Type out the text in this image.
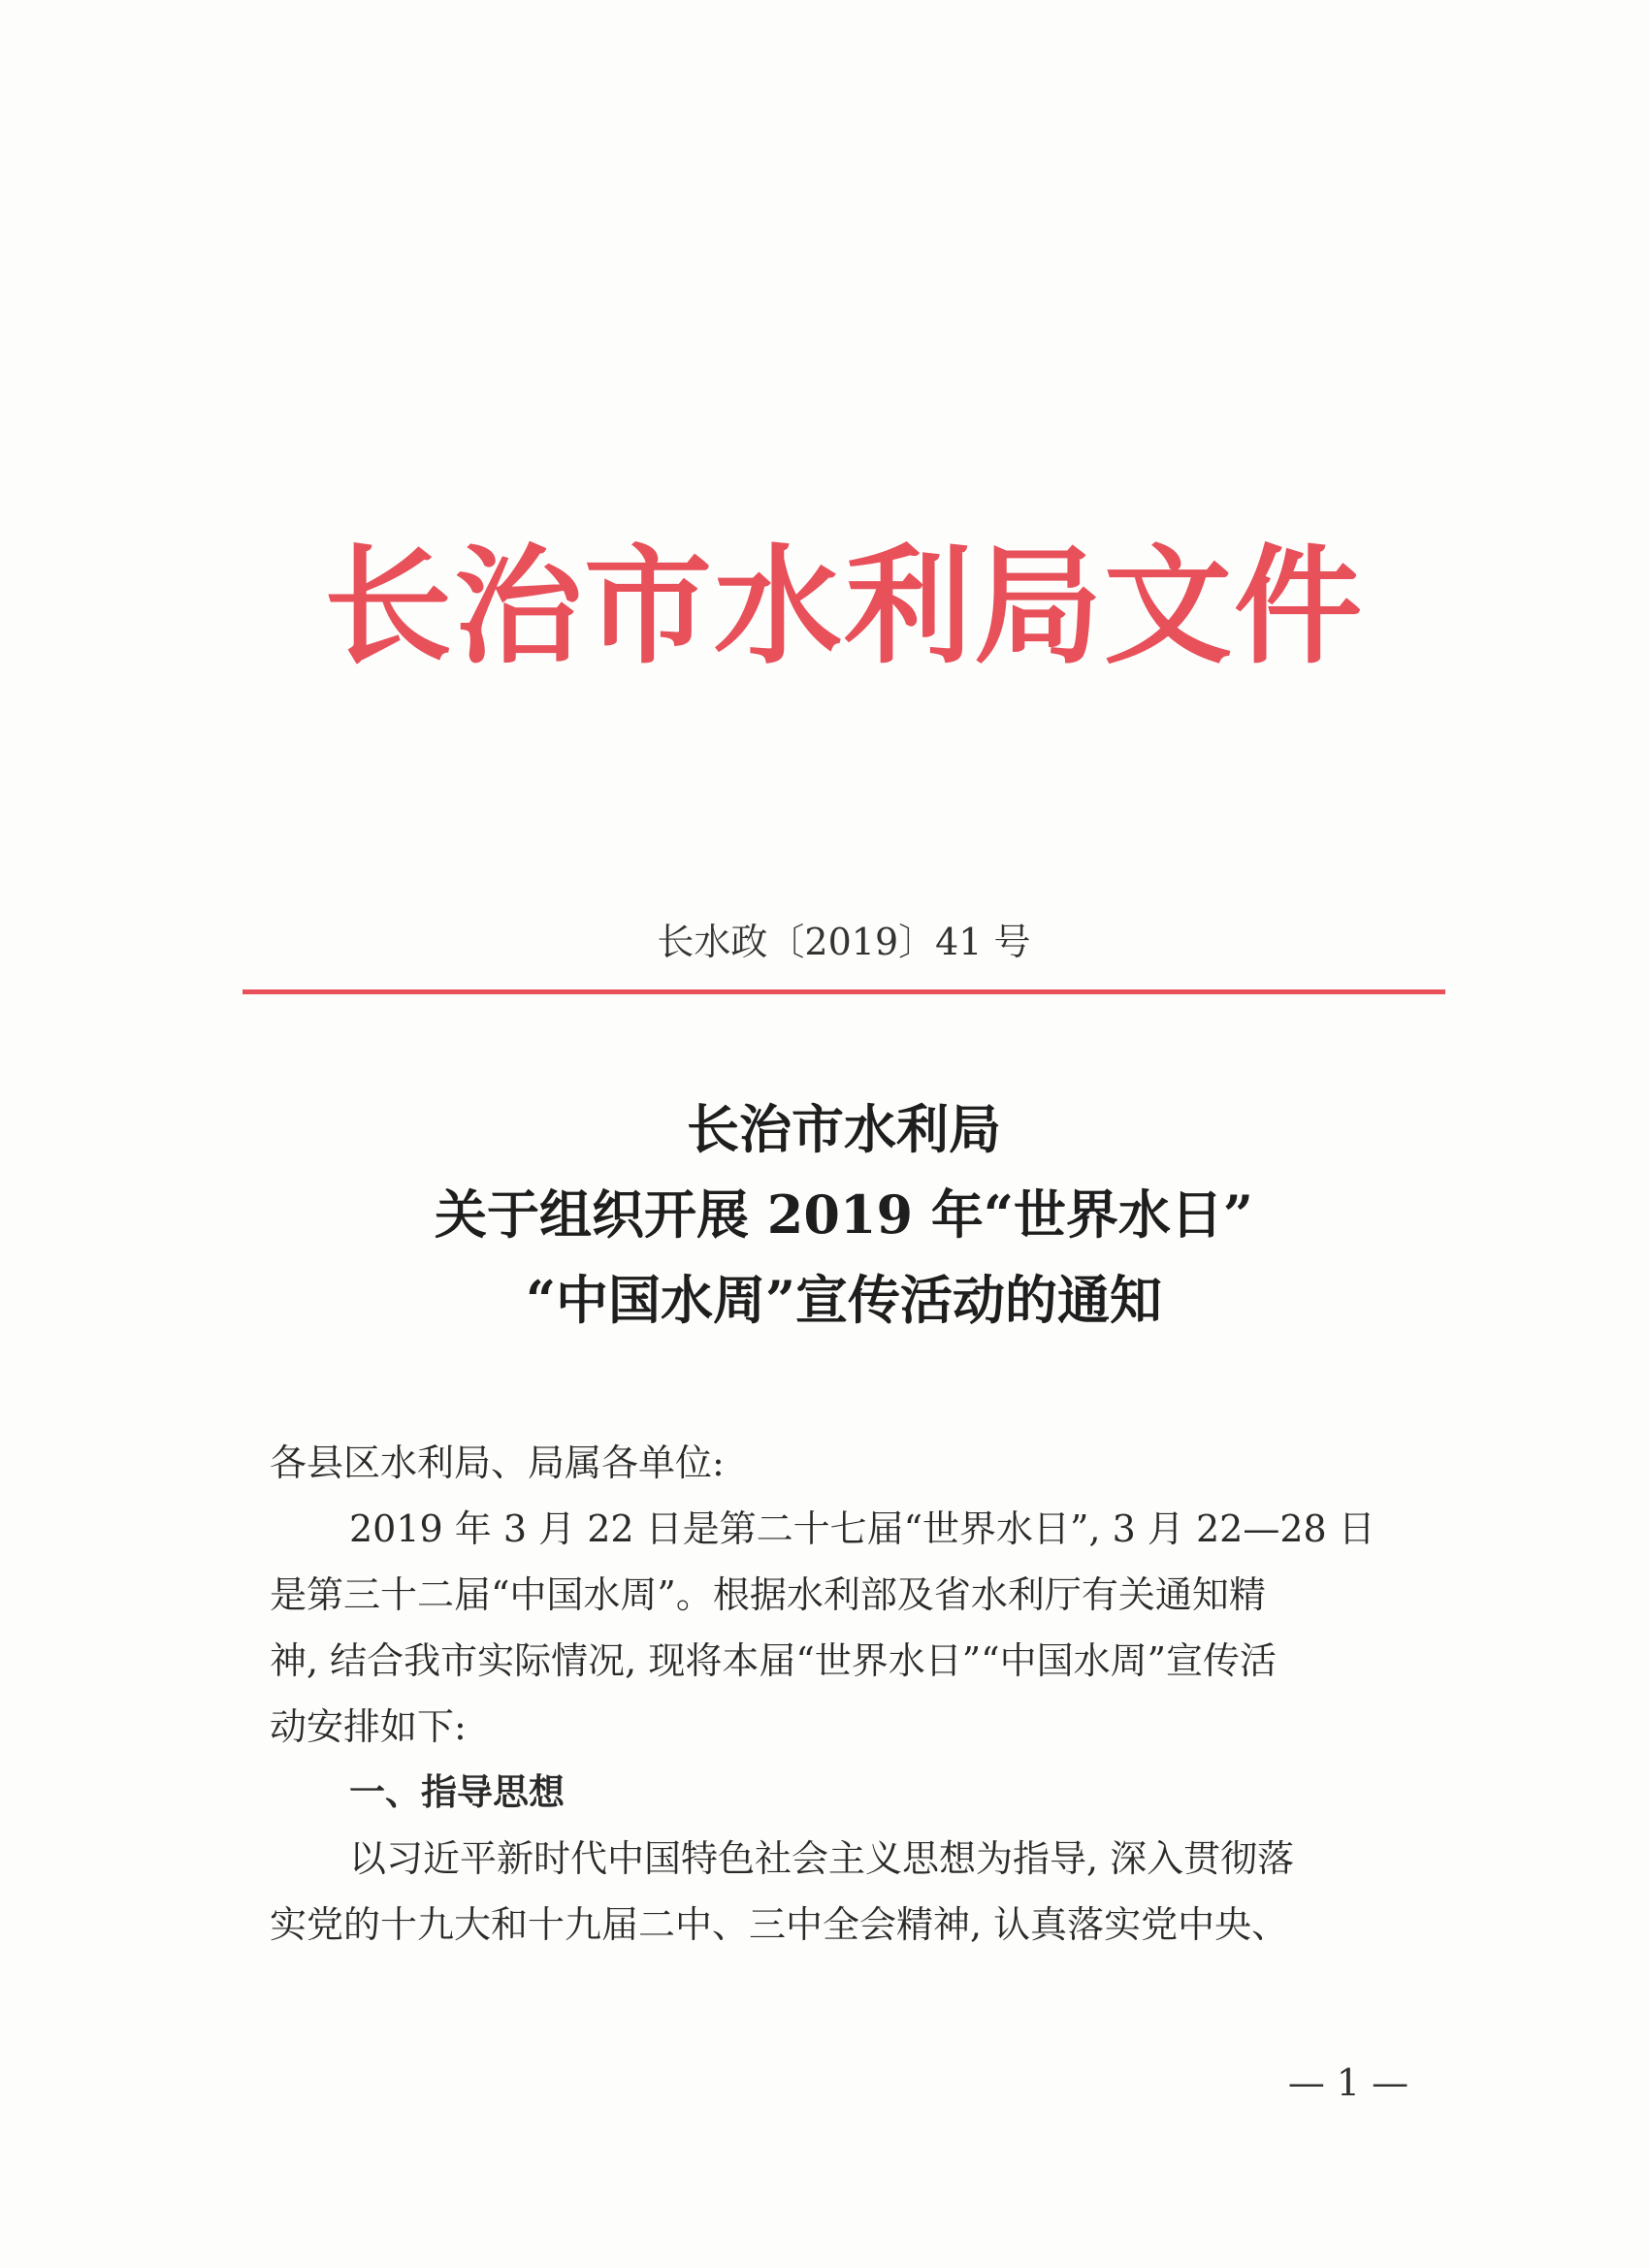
长治市水利局文件
长水政〔2019〕41 号
长治市水利局
关于组织开展 2019 年“世界水日”
“中国水周”宣传活动的通知

各县区水利局、局属各单位:

2019 年 3 月 22 日是第二十七届“世界水日”, 3 月 22—28 日

是第三十二届“中国水周”。根据水利部及省水利厅有关通知精

神, 结合我市实际情况, 现将本届“世界水日”“中国水周”宣传活

动安排如下:

一、指导思想

以习近平新时代中国特色社会主义思想为指导, 深入贯彻落

实党的十九大和十九届二中、三中全会精神, 认真落实党中央、

— 1 —
